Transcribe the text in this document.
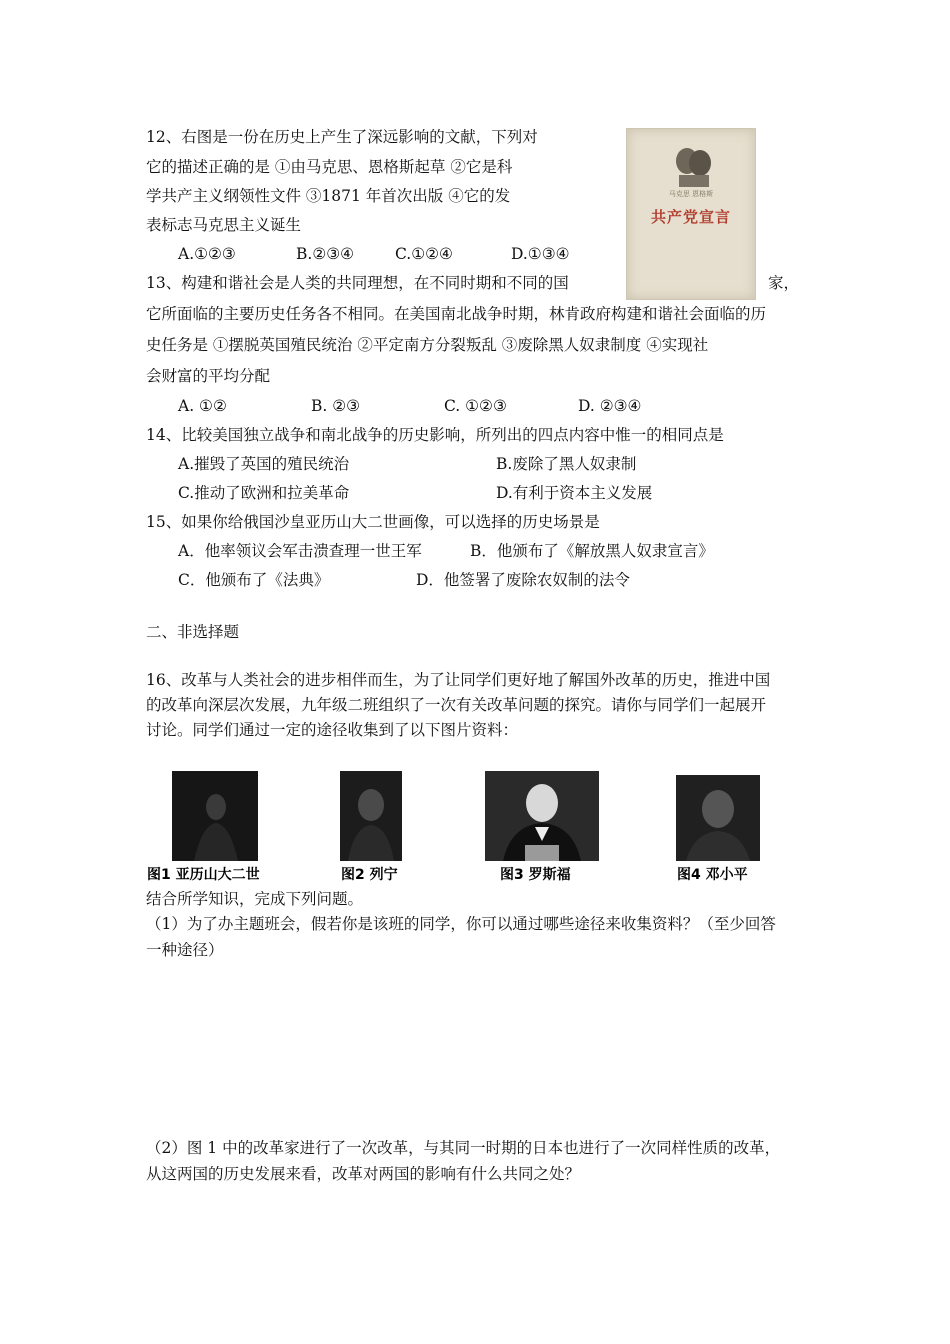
12、右图是一份在历史上产生了深远影响的文献，下列对
它的描述正确的是 ①由马克思、恩格斯起草 ②它是科
学共产主义纲领性文件 ③1871 年首次出版 ④它的发
表标志马克思主义诞生
A.①②③	B.②③④	C.①②④	D.①③④
马克思 恩格斯
共产党宣言
13、构建和谐社会是人类的共同理想，在不同时期和不同的国	家，
它所面临的主要历史任务各不相同。在美国南北战争时期，林肯政府构建和谐社会面临的历
史任务是 ①摆脱英国殖民统治 ②平定南方分裂叛乱 ③废除黑人奴隶制度 ④实现社
会财富的平均分配
A. ①②	B. ②③	C. ①②③	D. ②③④
14、比较美国独立战争和南北战争的历史影响，所列出的四点内容中惟一的相同点是
A.摧毁了英国的殖民统治	B.废除了黑人奴隶制
C.推动了欧洲和拉美革命	D.有利于资本主义发展
15、如果你给俄国沙皇亚历山大二世画像，可以选择的历史场景是
A．他率领议会军击溃查理一世王军	B．他颁布了《解放黑人奴隶宣言》
C．他颁布了《法典》	D．他签署了废除农奴制的法令
二、非选择题
16、改革与人类社会的进步相伴而生，为了让同学们更好地了解国外改革的历史，推进中国
的改革向深层次发展，九年级二班组织了一次有关改革问题的探究。请你与同学们一起展开
讨论。同学们通过一定的途径收集到了以下图片资料：
图1 亚历山大二世	图2 列宁	图3 罗斯福	图4 邓小平
结合所学知识，完成下列问题。
（1）为了办主题班会，假若你是该班的同学，你可以通过哪些途径来收集资料？（至少回答
一种途径）
（2）图 1 中的改革家进行了一次改革，与其同一时期的日本也进行了一次同样性质的改革，
从这两国的历史发展来看，改革对两国的影响有什么共同之处？
